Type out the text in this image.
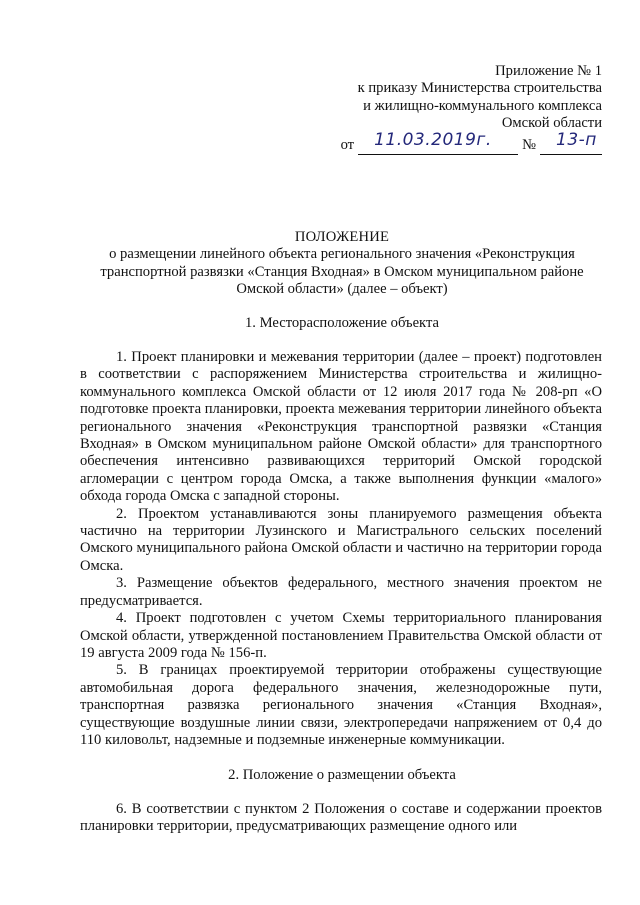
Приложение № 1
к приказу Министерства строительства
и жилищно-коммунального комплекса
Омской области
от 11.03.2019г. № 13-п
ПОЛОЖЕНИЕ
о размещении линейного объекта регионального значения «Реконструкция транспортной развязки «Станция Входная» в Омском муниципальном районе Омской области» (далее – объект)
1. Месторасположение объекта

1. Проект планировки и межевания территории (далее – проект) подготовлен в соответствии с распоряжением Министерства строительства и жилищно-коммунального комплекса Омской области от 12 июля 2017 года № 208-рп «О подготовке проекта планировки, проекта межевания территории линейного объекта регионального значения «Реконструкция транспортной развязки «Станция Входная» в Омском муниципальном районе Омской области» для транспортного обеспечения интенсивно развивающихся территорий Омской городской агломерации с центром города Омска, а также выполнения функции «малого» обхода города Омска с западной стороны.

2. Проектом устанавливаются зоны планируемого размещения объекта частично на территории Лузинского и Магистрального сельских поселений Омского муниципального района Омской области и частично на территории города Омска.

3. Размещение объектов федерального, местного значения проектом не предусматривается.

4. Проект подготовлен с учетом Схемы территориального планирования Омской области, утвержденной постановлением Правительства Омской области от 19 августа 2009 года № 156-п.

5. В границах проектируемой территории отображены существующие автомобильная дорога федерального значения, железнодорожные пути, транспортная развязка регионального значения «Станция Входная», существующие воздушные линии связи, электропередачи напряжением от 0,4 до 110 киловольт, надземные и подземные инженерные коммуникации.

2. Положение о размещении объекта

6. В соответствии с пунктом 2 Положения о составе и содержании проектов планировки территории, предусматривающих размещение одного или
